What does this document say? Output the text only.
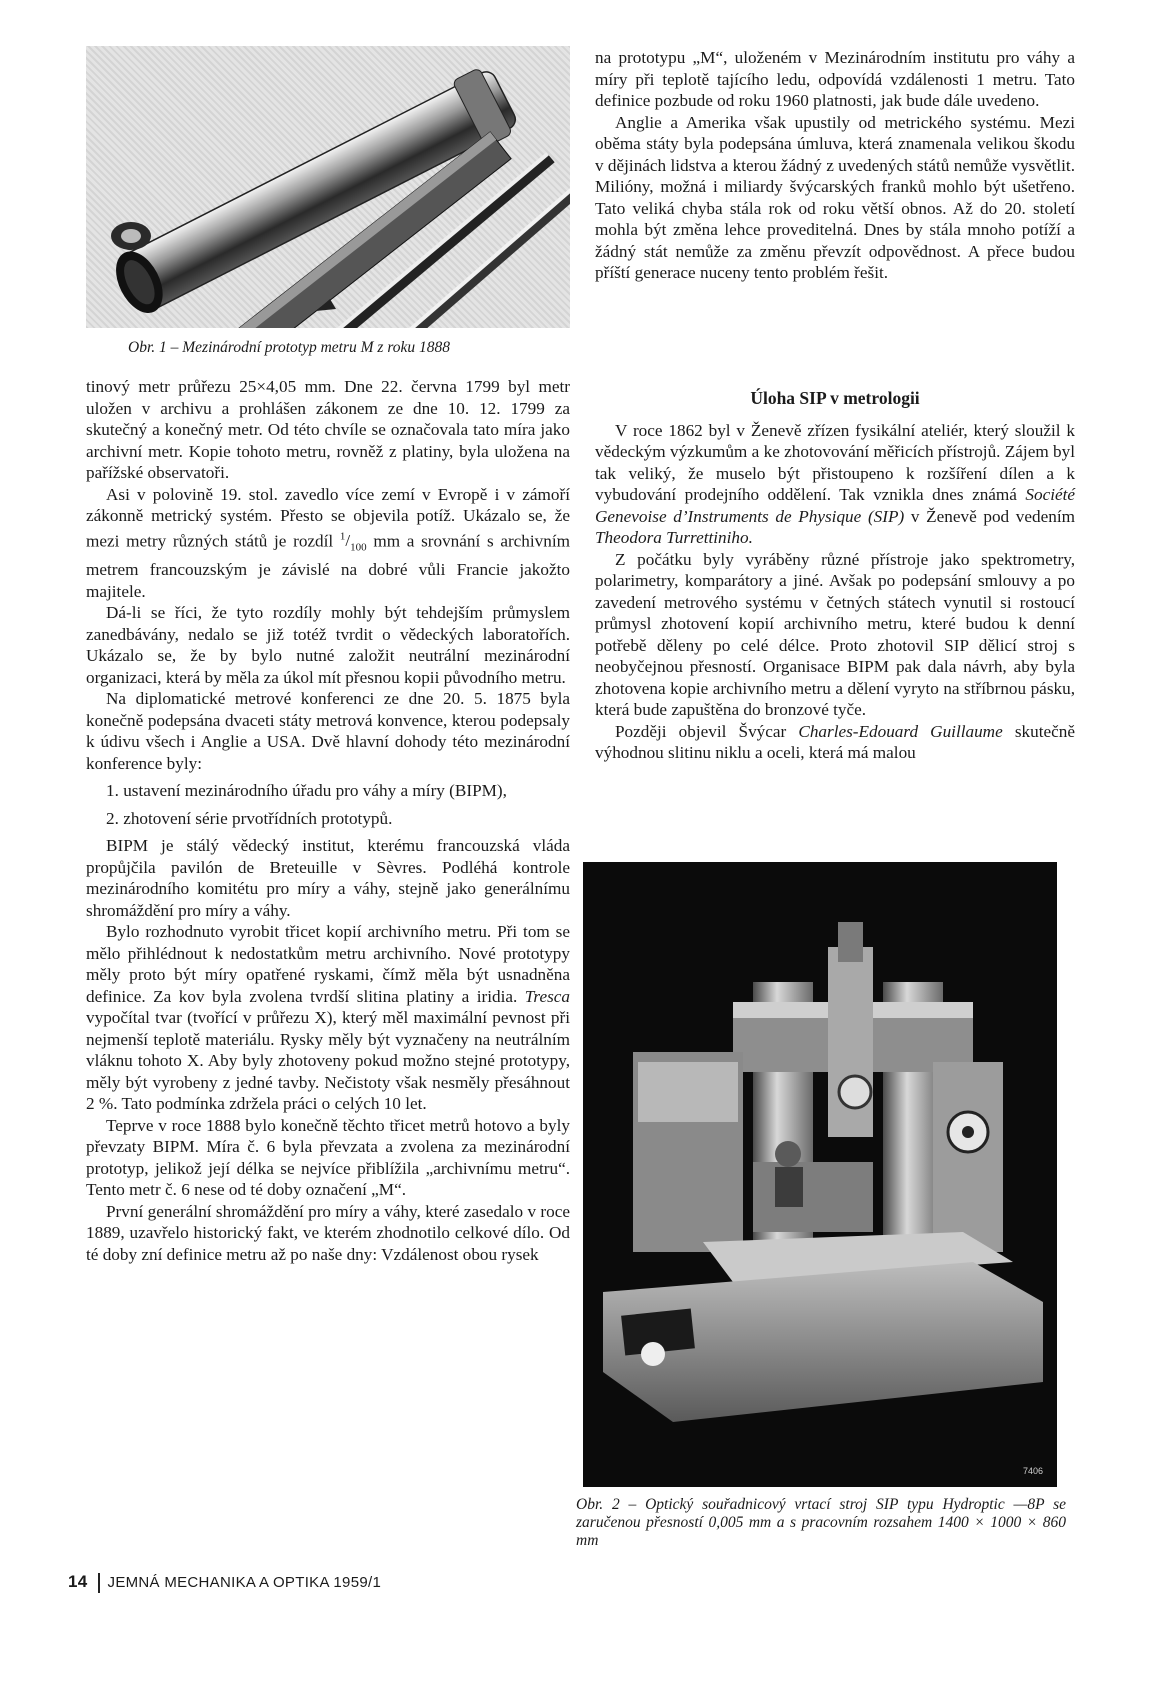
Obr. 1 – Mezinárodní prototyp metru M z roku 1888

tinový metr průřezu 25×4,05 mm. Dne 22. června 1799 byl metr uložen v archivu a prohlášen zákonem ze dne 10. 12. 1799 za skutečný a konečný metr. Od této chvíle se označovala tato míra jako archivní metr. Kopie tohoto metru, rovněž z platiny, byla uložena na pařížské observatoři.

Asi v polovině 19. stol. zavedlo více zemí v Evropě i v zámoří zákonně metrický systém. Přesto se objevila potíž. Ukázalo se, že mezi metry různých států je rozdíl $^1/_{100}$ mm a srovnání s archivním metrem francouzským je závislé na dobré vůli Francie jakožto majitele.

Dá-li se říci, že tyto rozdíly mohly být tehdejším průmyslem zanedbávány, nedalo se již totéž tvrdit o vědeckých laboratořích. Ukázalo se, že by bylo nutné založit neutrální mezinárodní organizaci, která by měla za úkol mít přesnou kopii původního metru.

Na diplomatické metrové konferenci ze dne 20. 5. 1875 byla konečně podepsána dvaceti státy metrová konvence, kterou podepsaly k údivu všech i Anglie a USA. Dvě hlavní dohody této mezinárodní konference byly:

1. ustavení mezinárodního úřadu pro váhy a míry (BIPM),

2. zhotovení série prvotřídních prototypů.

BIPM je stálý vědecký institut, kterému francouzská vláda propůjčila pavilón de Breteuille v Sèvres. Podléhá kontrole mezinárodního komitétu pro míry a váhy, stejně jako generálnímu shromáždění pro míry a váhy.

Bylo rozhodnuto vyrobit třicet kopií archivního metru. Při tom se mělo přihlédnout k nedostatkům metru archivního. Nové prototypy měly proto být míry opatřené ryskami, čímž měla být usnadněna definice. Za kov byla zvolena tvrdší slitina platiny a iridia. Tresca vypočítal tvar (tvořící v průřezu X), který měl maximální pevnost při nejmenší teplotě materiálu. Rysky měly být vyznačeny na neutrálním vláknu tohoto X. Aby byly zhotoveny pokud možno stejné prototypy, měly být vyrobeny z jedné tavby. Nečistoty však nesměly přesáhnout 2 %. Tato podmínka zdržela práci o celých 10 let.

Teprve v roce 1888 bylo konečně těchto třicet metrů hotovo a byly převzaty BIPM. Míra č. 6 byla převzata a zvolena za mezinárodní prototyp, jelikož její délka se nejvíce přiblížila „archivnímu metru“. Tento metr č. 6 nese od té doby označení „M“.

První generální shromáždění pro míry a váhy, které zasedalo v roce 1889, uzavřelo historický fakt, ve kterém zhodnotilo celkové dílo. Od té doby zní definice metru až po naše dny: Vzdálenost obou rysek

na prototypu „M“, uloženém v Mezinárodním institutu pro váhy a míry při teplotě tajícího ledu, odpovídá vzdálenosti 1 metru. Tato definice pozbude od roku 1960 platnosti, jak bude dále uvedeno.

Anglie a Amerika však upustily od metrického systému. Mezi oběma státy byla podepsána úmluva, která znamenala velikou škodu v dějinách lidstva a kterou žádný z uvedených států nemůže vysvětlit. Milióny, možná i miliardy švýcarských franků mohlo být ušetřeno. Tato veliká chyba stála rok od roku větší obnos. Až do 20. století mohla být změna lehce proveditelná. Dnes by stála mnoho potíží a žádný stát nemůže za změnu převzít odpovědnost. A přece budou příští generace nuceny tento problém řešit.

Úloha SIP v metrologii

V roce 1862 byl v Ženevě zřízen fysikální ateliér, který sloužil k vědeckým výzkumům a ke zhotovování měřicích přístrojů. Zájem byl tak veliký, že muselo být přistoupeno k rozšíření dílen a k vybudování prodejního oddělení. Tak vznikla dnes známá Société Genevoise d’Instruments de Physique (SIP) v Ženevě pod vedením Theodora Turrettiniho.

Z počátku byly vyráběny různé přístroje jako spektrometry, polarimetry, komparátory a jiné. Avšak po podepsání smlouvy a po zavedení metrového systému v četných státech vynutil si rostoucí průmysl zhotovení kopií archivního metru, které budou k denní potřebě děleny po celé délce. Proto zhotovil SIP dělicí stroj s neobyčejnou přesností. Organisace BIPM pak dala návrh, aby byla zhotovena kopie archivního metru a dělení vyryto na stříbrnou pásku, která bude zapuštěna do bronzové tyče.

Později objevil Švýcar Charles-Edouard Guillaume skutečně výhodnou slitinu niklu a oceli, která má malou

7406
Obr. 2 – Optický souřadnicový vrtací stroj SIP typu Hydroptic —8P se zaručenou přesností 0,005 mm a s pracovním rozsahem 1400 × 1000 × 860 mm
14 JEMNÁ MECHANIKA A OPTIKA 1959/1
